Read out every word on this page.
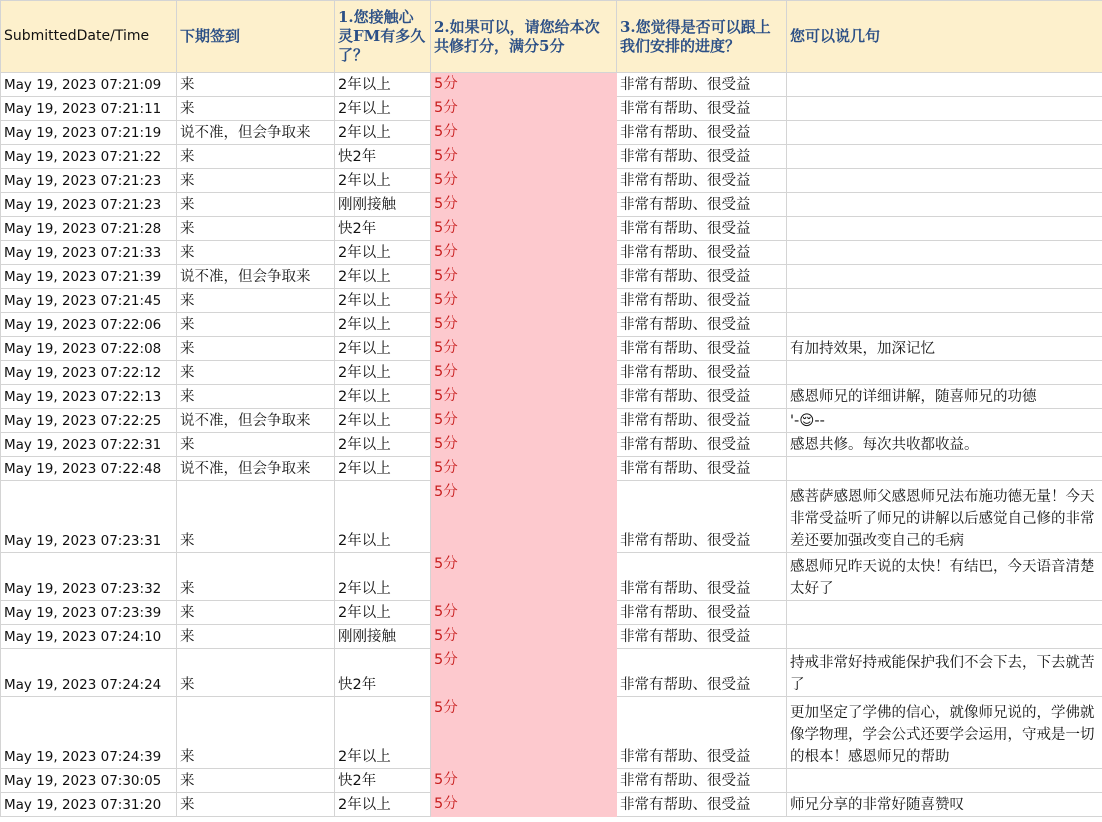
SubmittedDate/Time	下期签到	1.您接触心灵FM有多久了？	2.如果可以，请您给本次共修打分，满分5分	3.您觉得是否可以跟上我们安排的进度？	您可以说几句
May 19, 2023 07:21:09	来	2年以上	5分	非常有帮助、很受益	
May 19, 2023 07:21:11	来	2年以上	5分	非常有帮助、很受益	
May 19, 2023 07:21:19	说不准，但会争取来	2年以上	5分	非常有帮助、很受益	
May 19, 2023 07:21:22	来	快2年	5分	非常有帮助、很受益	
May 19, 2023 07:21:23	来	2年以上	5分	非常有帮助、很受益	
May 19, 2023 07:21:23	来	刚刚接触	5分	非常有帮助、很受益	
May 19, 2023 07:21:28	来	快2年	5分	非常有帮助、很受益	
May 19, 2023 07:21:33	来	2年以上	5分	非常有帮助、很受益	
May 19, 2023 07:21:39	说不准，但会争取来	2年以上	5分	非常有帮助、很受益	
May 19, 2023 07:21:45	来	2年以上	5分	非常有帮助、很受益	
May 19, 2023 07:22:06	来	2年以上	5分	非常有帮助、很受益	
May 19, 2023 07:22:08	来	2年以上	5分	非常有帮助、很受益	有加持效果，加深记忆
May 19, 2023 07:22:12	来	2年以上	5分	非常有帮助、很受益	
May 19, 2023 07:22:13	来	2年以上	5分	非常有帮助、很受益	感恩师兄的详细讲解，随喜师兄的功德
May 19, 2023 07:22:25	说不准，但会争取来	2年以上	5分	非常有帮助、很受益	'-😌--
May 19, 2023 07:22:31	来	2年以上	5分	非常有帮助、很受益	感恩共修。每次共收都收益。
May 19, 2023 07:22:48	说不准，但会争取来	2年以上	5分	非常有帮助、很受益	
May 19, 2023 07:23:31	来	2年以上	5分	非常有帮助、很受益	感菩萨感恩师父感恩师兄法布施功德无量！今天非常受益听了师兄的讲解以后感觉自己修的非常差还要加强改变自己的毛病
May 19, 2023 07:23:32	来	2年以上	5分	非常有帮助、很受益	感恩师兄昨天说的太快！有结巴，今天语音清楚太好了
May 19, 2023 07:23:39	来	2年以上	5分	非常有帮助、很受益	
May 19, 2023 07:24:10	来	刚刚接触	5分	非常有帮助、很受益	
May 19, 2023 07:24:24	来	快2年	5分	非常有帮助、很受益	持戒非常好持戒能保护我们不会下去，下去就苦了
May 19, 2023 07:24:39	来	2年以上	5分	非常有帮助、很受益	更加坚定了学佛的信心，就像师兄说的，学佛就像学物理，学会公式还要学会运用，守戒是一切的根本！感恩师兄的帮助
May 19, 2023 07:30:05	来	快2年	5分	非常有帮助、很受益	
May 19, 2023 07:31:20	来	2年以上	5分	非常有帮助、很受益	师兄分享的非常好随喜赞叹
